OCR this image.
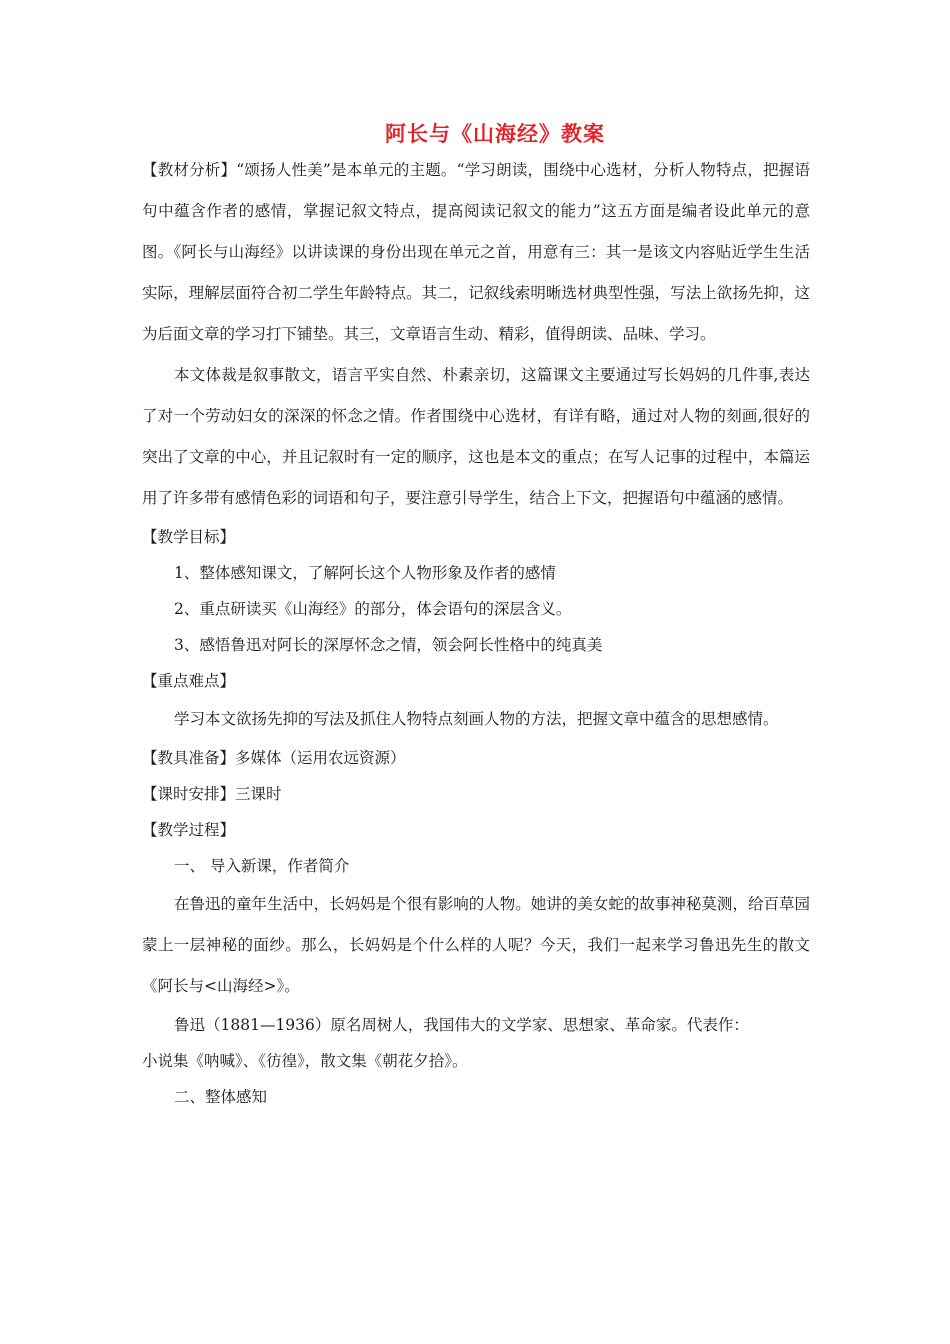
阿长与《山海经》教案

【教材分析】“颂扬人性美”是本单元的主题。“学习朗读，围绕中心选材，分析人物特点，把握语句中蕴含作者的感情，掌握记叙文特点，提高阅读记叙文的能力”这五方面是编者设此单元的意图。《阿长与山海经》以讲读课的身份出现在单元之首，用意有三：其一是该文内容贴近学生生活实际，理解层面符合初二学生年龄特点。其二，记叙线索明晰选材典型性强，写法上欲扬先抑，这为后面文章的学习打下铺垫。其三，文章语言生动、精彩，值得朗读、品味、学习。

本文体裁是叙事散文，语言平实自然、朴素亲切，这篇课文主要通过写长妈妈的几件事,表达了对一个劳动妇女的深深的怀念之情。作者围绕中心选材，有详有略，通过对人物的刻画,很好的突出了文章的中心，并且记叙时有一定的顺序，这也是本文的重点；在写人记事的过程中，本篇运用了许多带有感情色彩的词语和句子，要注意引导学生，结合上下文，把握语句中蕴涵的感情。

【教学目标】

1、整体感知课文，了解阿长这个人物形象及作者的感情

2、重点研读买《山海经》的部分，体会语句的深层含义。

3、感悟鲁迅对阿长的深厚怀念之情，领会阿长性格中的纯真美

【重点难点】

学习本文欲扬先抑的写法及抓住人物特点刻画人物的方法，把握文章中蕴含的思想感情。

【教具准备】多媒体（运用农远资源）

【课时安排】三课时

【教学过程】

一、 导入新课，作者简介

在鲁迅的童年生活中，长妈妈是个很有影响的人物。她讲的美女蛇的故事神秘莫测，给百草园蒙上一层神秘的面纱。那么，长妈妈是个什么样的人呢？今天，我们一起来学习鲁迅先生的散文《阿长与<山海经>》。

鲁迅（1881—1936）原名周树人，我国伟大的文学家、思想家、革命家。代表作：

小说集《呐喊》、《彷徨》，散文集《朝花夕拾》。

二、整体感知
